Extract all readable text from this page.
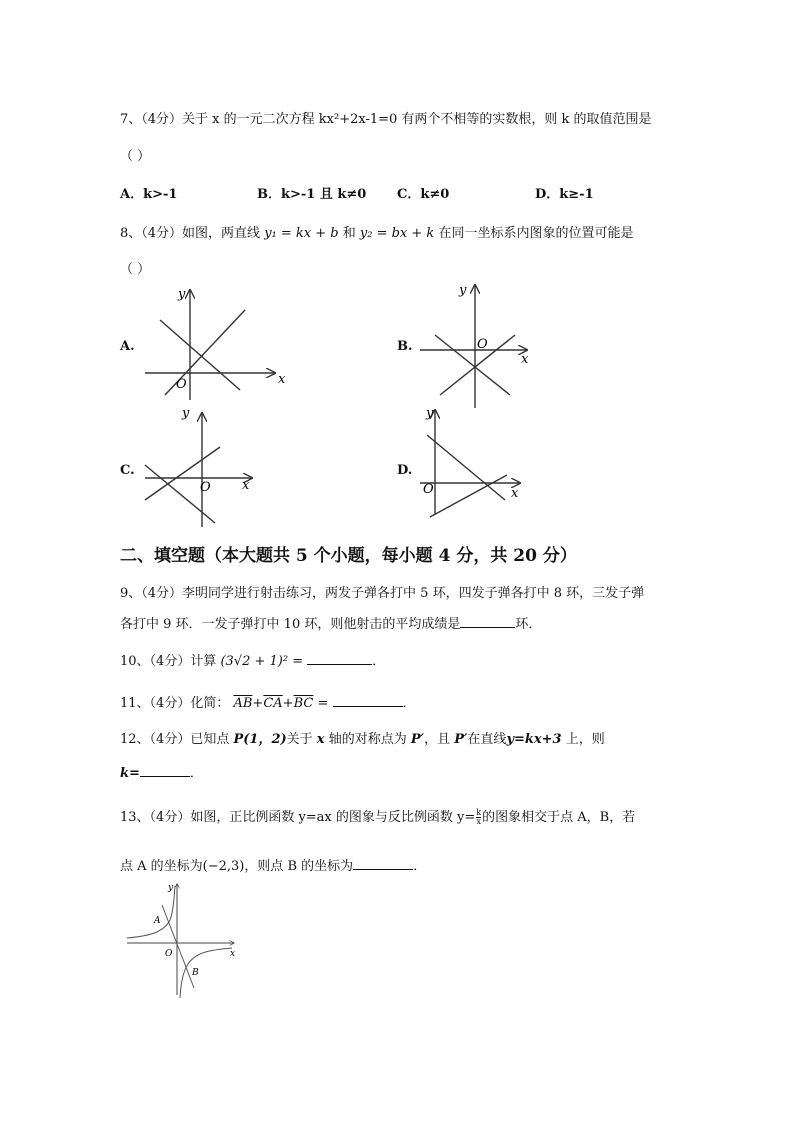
7、（4分）关于 x 的一元二次方程 kx²+2x-1=0 有两个不相等的实数根，则 k 的取值范围是
（ ）
A．k>-1	B．k>-1 且 k≠0 C．k≠0	D．k≥-1
8、（4分）如图，两直线 y₁ = kx + b 和 y₂ = bx + k 在同一坐标系内图象的位置可能是
（ ）
A.	B.
C.	D.
x
y
O
x
y
O
x
y
O	x
y
O
二、填空题（本大题共 5 个小题，每小题 4 分，共 20 分）
9、（4分）李明同学进行射击练习，两发子弹各打中 5 环，四发子弹各打中 8 环，三发子弹
各打中 9 环．一发子弹打中 10 环，则他射击的平均成绩是	环．
10、（4分）计算 (3√2 + 1)² =	．
11、（4分）化简： $\overline{AB}+\overline{CA}+\overline{BC}$ =	．
12、（4分）已知点 P(1，2)关于 x 轴的对称点为 P′，且 P′在直线y=kx+3 上，则
k=	．
13、（4分）如图，正比例函数 y=ax 的图象与反比例函数 $y= \frac{k}{x}$ 的图象相交于点 A，B，若
点 A 的坐标为(−2,3)，则点 B 的坐标为	．
A
B
O	x
y
